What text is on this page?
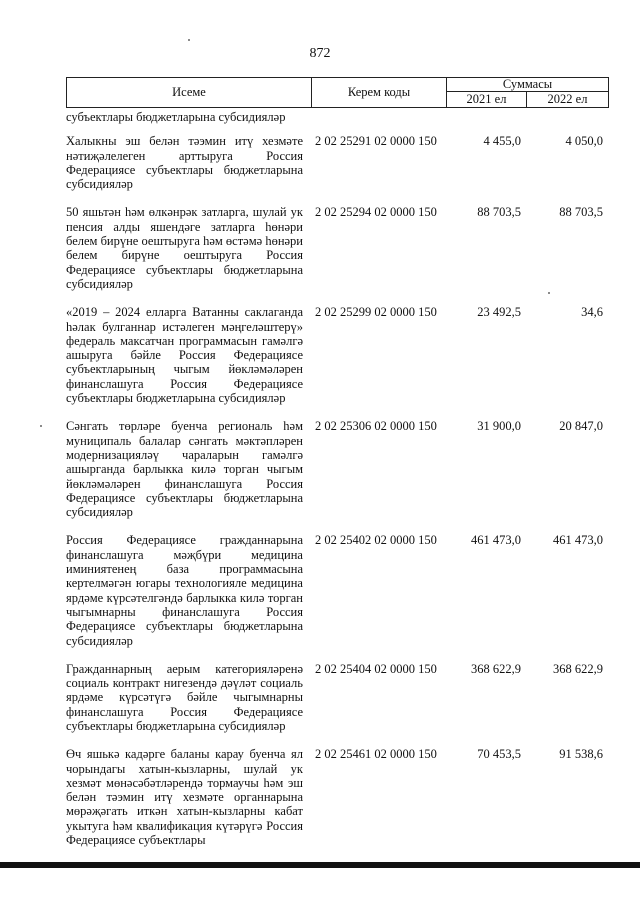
872
Исеме	Керем коды
Суммасы
2021 ел	2022 ел
субъектлары бюджетларына субсидияләр
Халыкны эш белән тәэмин итү хезмәте нәтиҗәлелеген арттыруга Россия Федерациясе субъектлары бюджетларына субсидияләр
2 02 25291 02 0000 150	4 455,0	4 050,0
50 яшьтән һәм өлкәнрәк затларга, шулай ук пенсия алды яшендәге затларга һөнәри белем бирүне оештыруга һәм өстәмә һөнәри белем бирүне оештыруга Россия Федерациясе субъектлары бюджетларына субсидияләр
2 02 25294 02 0000 150	88 703,5	88 703,5
«2019 – 2024 елларга Ватанны саклаганда һәлак булганнар истәлеген мәңгеләштерү» федераль максатчан программасын гамәлгә ашыруга бәйле Россия Федерациясе субъектларының чыгым йөкләмәләрен финанслашуга Россия Федерациясе субъектлары бюджетларына субсидияләр
2 02 25299 02 0000 150	23 492,5	34,6
Сәнгать төрләре буенча региональ һәм муниципаль балалар сәнгать мәктәпләрен модернизацияләү чараларын гамәлгә ашырганда барлыкка килә торган чыгым йөкләмәләрен финанслашуга Россия Федерациясе субъектлары бюджетларына субсидияләр
2 02 25306 02 0000 150	31 900,0	20 847,0
Россия Федерациясе гражданнарына финанслашуга мәҗбүри медицина иминиятенең база программасына кертелмәгән югары технологияле медицина ярдәме күрсәтелгәндә барлыкка килә торган чыгымнарны финанслашуга Россия Федерациясе субъектлары бюджетларына субсидияләр
2 02 25402 02 0000 150	461 473,0	461 473,0
Гражданнарның аерым категорияләренә социаль контракт нигезендә дәүләт социаль ярдәме күрсәтүгә бәйле чыгымнарны финанслашуга Россия Федерациясе субъектлары бюджетларына субсидияләр
2 02 25404 02 0000 150	368 622,9	368 622,9
Өч яшькә кадәрге баланы карау буенча ял чорындагы хатын-кызларны, шулай ук хезмәт мөнәсәбәтләрендә тормаучы һәм эш белән тәэмин итү хезмәте органнарына мөрәҗәгать иткән хатын-кызларны кабат укытуга һәм квалификация күтәрүгә Россия Федерациясе субъектлары
2 02 25461 02 0000 150	70 453,5	91 538,6
